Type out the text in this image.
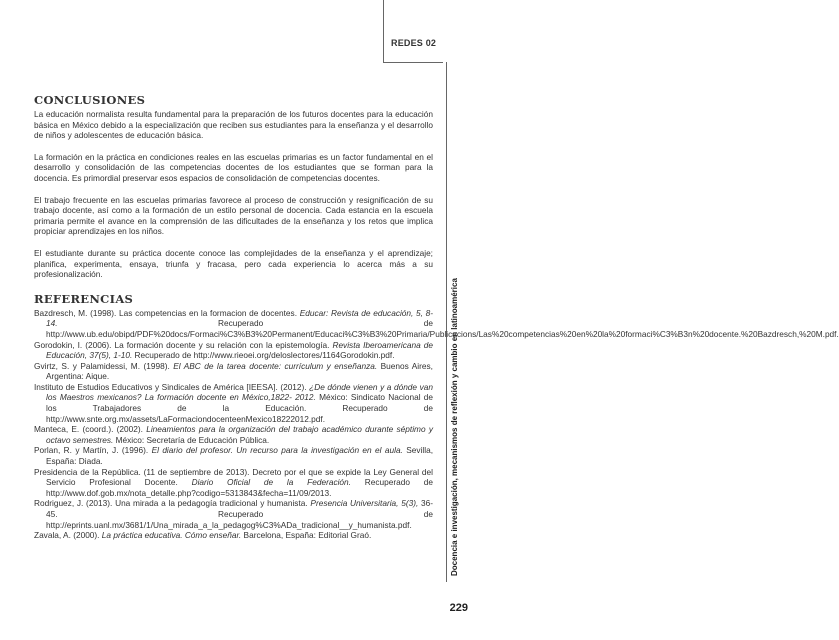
REDES 02
Docencia e investigación, mecanismos de reflexión y cambio en latinoamérica
CONCLUSIONES

La educación normalista resulta fundamental para la preparación de los futuros docentes para la educación básica en México debido a la especialización que reciben sus estudiantes para la enseñanza y el desarrollo de niños y adolescentes de educación básica.

La formación en la práctica en condiciones reales en las escuelas primarias es un factor fundamental en el desarrollo y consolidación de las competencias docentes de los estudiantes que se forman para la docencia. Es primordial preservar esos espacios de consolidación de competencias docentes.

El trabajo frecuente en las escuelas primarias favorece al proceso de construcción y resignificación de su trabajo docente, así como a la formación de un estilo personal de docencia. Cada estancia en la escuela primaria permite el avance en la comprensión de las dificultades de la enseñanza y los retos que implica propiciar aprendizajes en los niños.

El estudiante durante su práctica docente conoce las complejidades de la enseñanza y el aprendizaje; planifica, experimenta, ensaya, triunfa y fracasa, pero cada experiencia lo acerca más a su profesionalización.

REFERENCIAS
Bazdresch, M. (1998). Las competencias en la formacion de docentes. Educar: Revista de educación, 5, 8-14. Recuperado de http://www.ub.edu/obipd/PDF%20docs/Formaci%C3%B3%20Permanent/Educaci%C3%B3%20Primaria/Publicacions/Las%20competencias%20en%20la%20formaci%C3%B3n%20docente.%20Bazdresch,%20M.pdf.
Gorodokin, I. (2006). La formación docente y su relación con la epistemología. Revista Iberoamericana de Educación, 37(5), 1-10. Recuperado de http://www.rieoei.org/deloslectores/1164Gorodokin.pdf.
Gvirtz, S. y Palamidessi, M. (1998). El ABC de la tarea docente: currículum y enseñanza. Buenos Aires, Argentina: Aique.
Instituto de Estudios Educativos y Sindicales de América [IEESA]. (2012). ¿De dónde vienen y a dónde van los Maestros mexicanos? La formación docente en México,1822- 2012. México: Sindicato Nacional de los Trabajadores de la Educación. Recuperado de http://www.snte.org.mx/assets/LaFormaciondocenteenMexico18222012.pdf.
Manteca, E. (coord.). (2002). Lineamientos para la organización del trabajo académico durante séptimo y octavo semestres. México: Secretaría de Educación Pública.
Porlan, R. y Martín, J. (1996). El diario del profesor. Un recurso para la investigación en el aula. Sevilla, España: Diada.
Presidencia de la República. (11 de septiembre de 2013). Decreto por el que se expide la Ley General del Servicio Profesional Docente. Diario Oficial de la Federación. Recuperado de http://www.dof.gob.mx/nota_detalle.php?codigo=5313843&fecha=11/09/2013.
Rodriguez, J. (2013). Una mirada a la pedagogía tradicional y humanista. Presencia Universitaria, 5(3), 36-45. Recuperado de http://eprints.uanl.mx/3681/1/Una_mirada_a_la_pedagog%C3%ADa_tradicional__y_humanista.pdf.
Zavala, A. (2000). La práctica educativa. Cómo enseñar. Barcelona, España: Editorial Graó.
229
